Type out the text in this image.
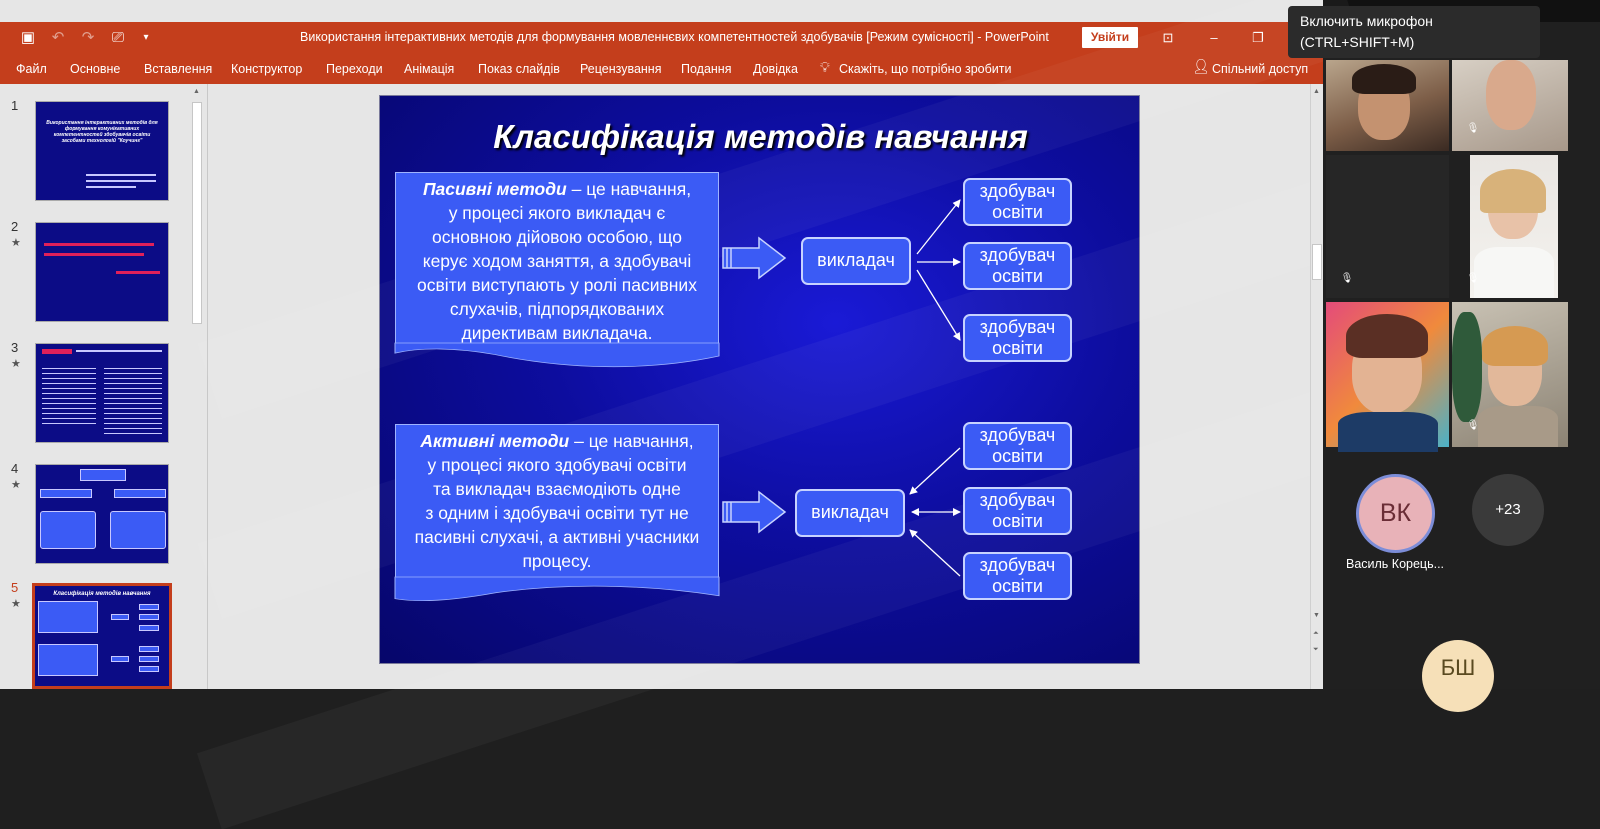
▣ ↶ ↷ ⎚	▾	Використання інтерактивних методів для формування мовленнєвих компетентностей здобувачів [Режим сумісності] - PowerPoint	Увійти	⊡	–	❐
Файл Основне Вставлення Конструктор Переходи Анімація Показ слайдів Рецензування Подання Довідка 💡︎ Скажіть, що потрібно зробити	👤︎ Спільний доступ
1
Використання інтерактивних методів для формування комунікативних компетентностей здобувачів освіти засобами технологій "Коучинг"
2
★
3
★
4
★
5
★
Класифікація методів навчання
▲
Класифікація методів навчання
Пасивні методи – це навчання,
у процесі якого викладач є
основною дійовою особою, що
керує ходом заняття, а здобувачі
освіти виступають у ролі пасивних
слухачів, підпорядкованих
директивам викладача.
Активні методи – це навчання,
у процесі якого здобувачі освіти
та викладач взаємодіють одне
з одним і здобувачі освіти тут не
пасивні слухачі, а активні учасники
процесу.
викладач
викладач
здобувач
освіти
здобувач
освіти
здобувач
освіти
здобувач
освіти
здобувач
освіти
здобувач
освіти
▲
▼
⏶
⏷
🎙︎
🎙︎	🎙︎
🎙︎
ВК
Василь Корець...
+23
БШ
Включить микрофон
(CTRL+SHIFT+M)
